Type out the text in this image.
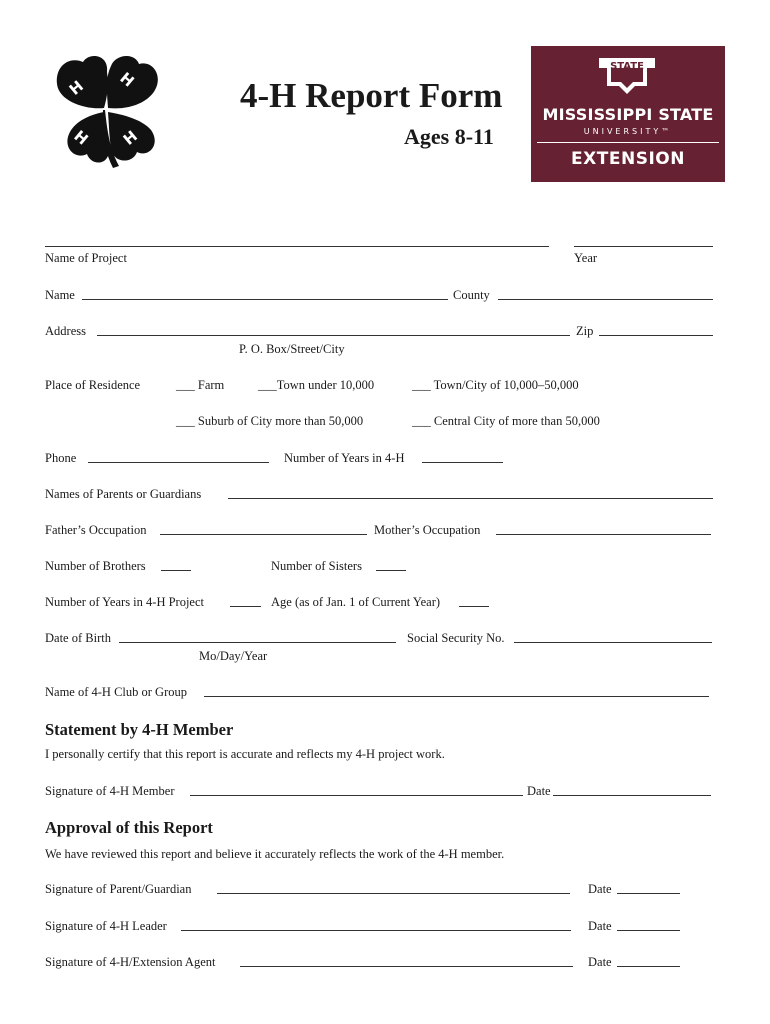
H H
H H
4-H Report Form
Ages 8-11
STATE
MISSISSIPPI STATE
UNIVERSITY™
EXTENSION
Name of Project	Year
Name	County
Address	Zip
P. O. Box/Street/City
Place of Residence	___ Farm	___Town under 10,000	___ Town/City of 10,000–50,000
___ Suburb of City more than 50,000	___ Central City of more than 50,000
Phone	Number of Years in 4-H
Names of Parents or Guardians
Father’s Occupation	Mother’s Occupation
Number of Brothers	Number of Sisters
Number of Years in 4-H Project	Age (as of Jan. 1 of Current Year)
Date of Birth	Social Security No.
Mo/Day/Year
Name of 4-H Club or Group
Statement by 4-H Member
I personally certify that this report is accurate and reflects my 4-H project work.
Signature of 4-H Member	Date
Approval of this Report
We have reviewed this report and believe it accurately reflects the work of the 4-H member.
Signature of Parent/Guardian	Date
Signature of 4-H Leader	Date
Signature of 4-H/Extension Agent	Date
